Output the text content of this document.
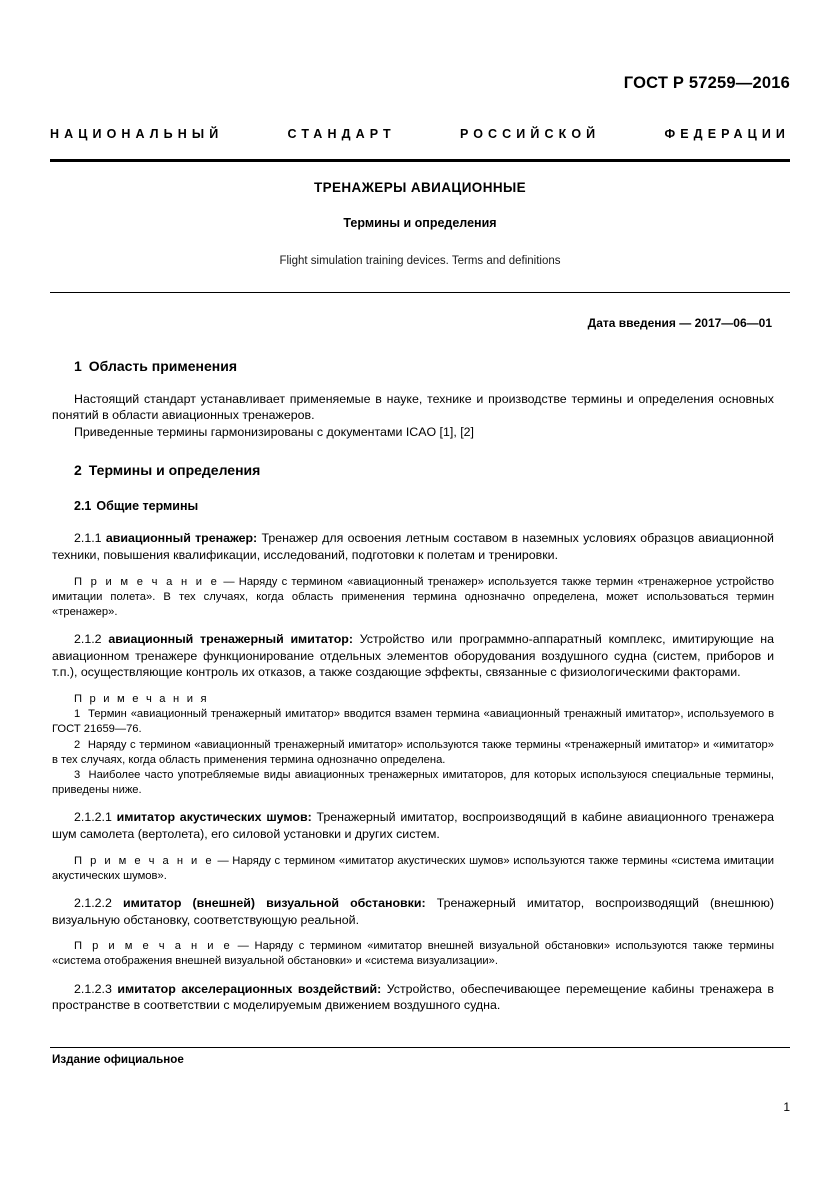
ГОСТ Р 57259—2016
НАЦИОНАЛЬНЫЙ СТАНДАРТ РОССИЙСКОЙ ФЕДЕРАЦИИ

ТРЕНАЖЕРЫ АВИАЦИОННЫЕ

Термины и определения

Flight simulation training devices. Terms and definitions

Дата введения — 2017—06—01
1 Область применения

Настоящий стандарт устанавливает применяемые в науке, технике и производстве термины и определения основных понятий в области авиационных тренажеров.

Приведенные термины гармонизированы с документами ICAO [1], [2]

2 Термины и определения
2.1 Общие термины

2.1.1 авиационный тренажер: Тренажер для освоения летным составом в наземных условиях образцов авиационной техники, повышения квалификации, исследований, подготовки к полетам и тренировки.

П р и м е ч а н и е — Наряду с термином «авиационный тренажер» используется также термин «тренажерное устройство имитации полета». В тех случаях, когда область применения термина однозначно определена, может использоваться термин «тренажер».

2.1.2 авиационный тренажерный имитатор: Устройство или программно-аппаратный комплекс, имитирующие на авиационном тренажере функционирование отдельных элементов оборудования воздушного судна (систем, приборов и т.п.), осуществляющие контроль их отказов, а также создающие эффекты, связанные с физиологическими факторами.

П р и м е ч а н и я

1 Термин «авиационный тренажерный имитатор» вводится взамен термина «авиационный тренажный имитатор», используемого в ГОСТ 21659—76.

2 Наряду с термином «авиационный тренажерный имитатор» используются также термины «тренажерный имитатор» и «имитатор» в тех случаях, когда область применения термина однозначно определена.

3 Наиболее часто употребляемые виды авиационных тренажерных имитаторов, для которых используюся специальные термины, приведены ниже.

2.1.2.1 имитатор акустических шумов: Тренажерный имитатор, воспроизводящий в кабине авиационного тренажера шум самолета (вертолета), его силовой установки и других систем.

П р и м е ч а н и е — Наряду с термином «имитатор акустических шумов» используются также термины «система имитации акустических шумов».

2.1.2.2 имитатор (внешней) визуальной обстановки: Тренажерный имитатор, воспроизводящий (внешнюю) визуальную обстановку, соответствующую реальной.

П р и м е ч а н и е — Наряду с термином «имитатор внешней визуальной обстановки» используются также термины «система отображения внешней визуальной обстановки» и «система визуализации».

2.1.2.3 имитатор акселерационных воздействий: Устройство, обеспечивающее перемещение кабины тренажера в пространстве в соответствии с моделируемым движением воздушного судна.

Издание официальное
1
